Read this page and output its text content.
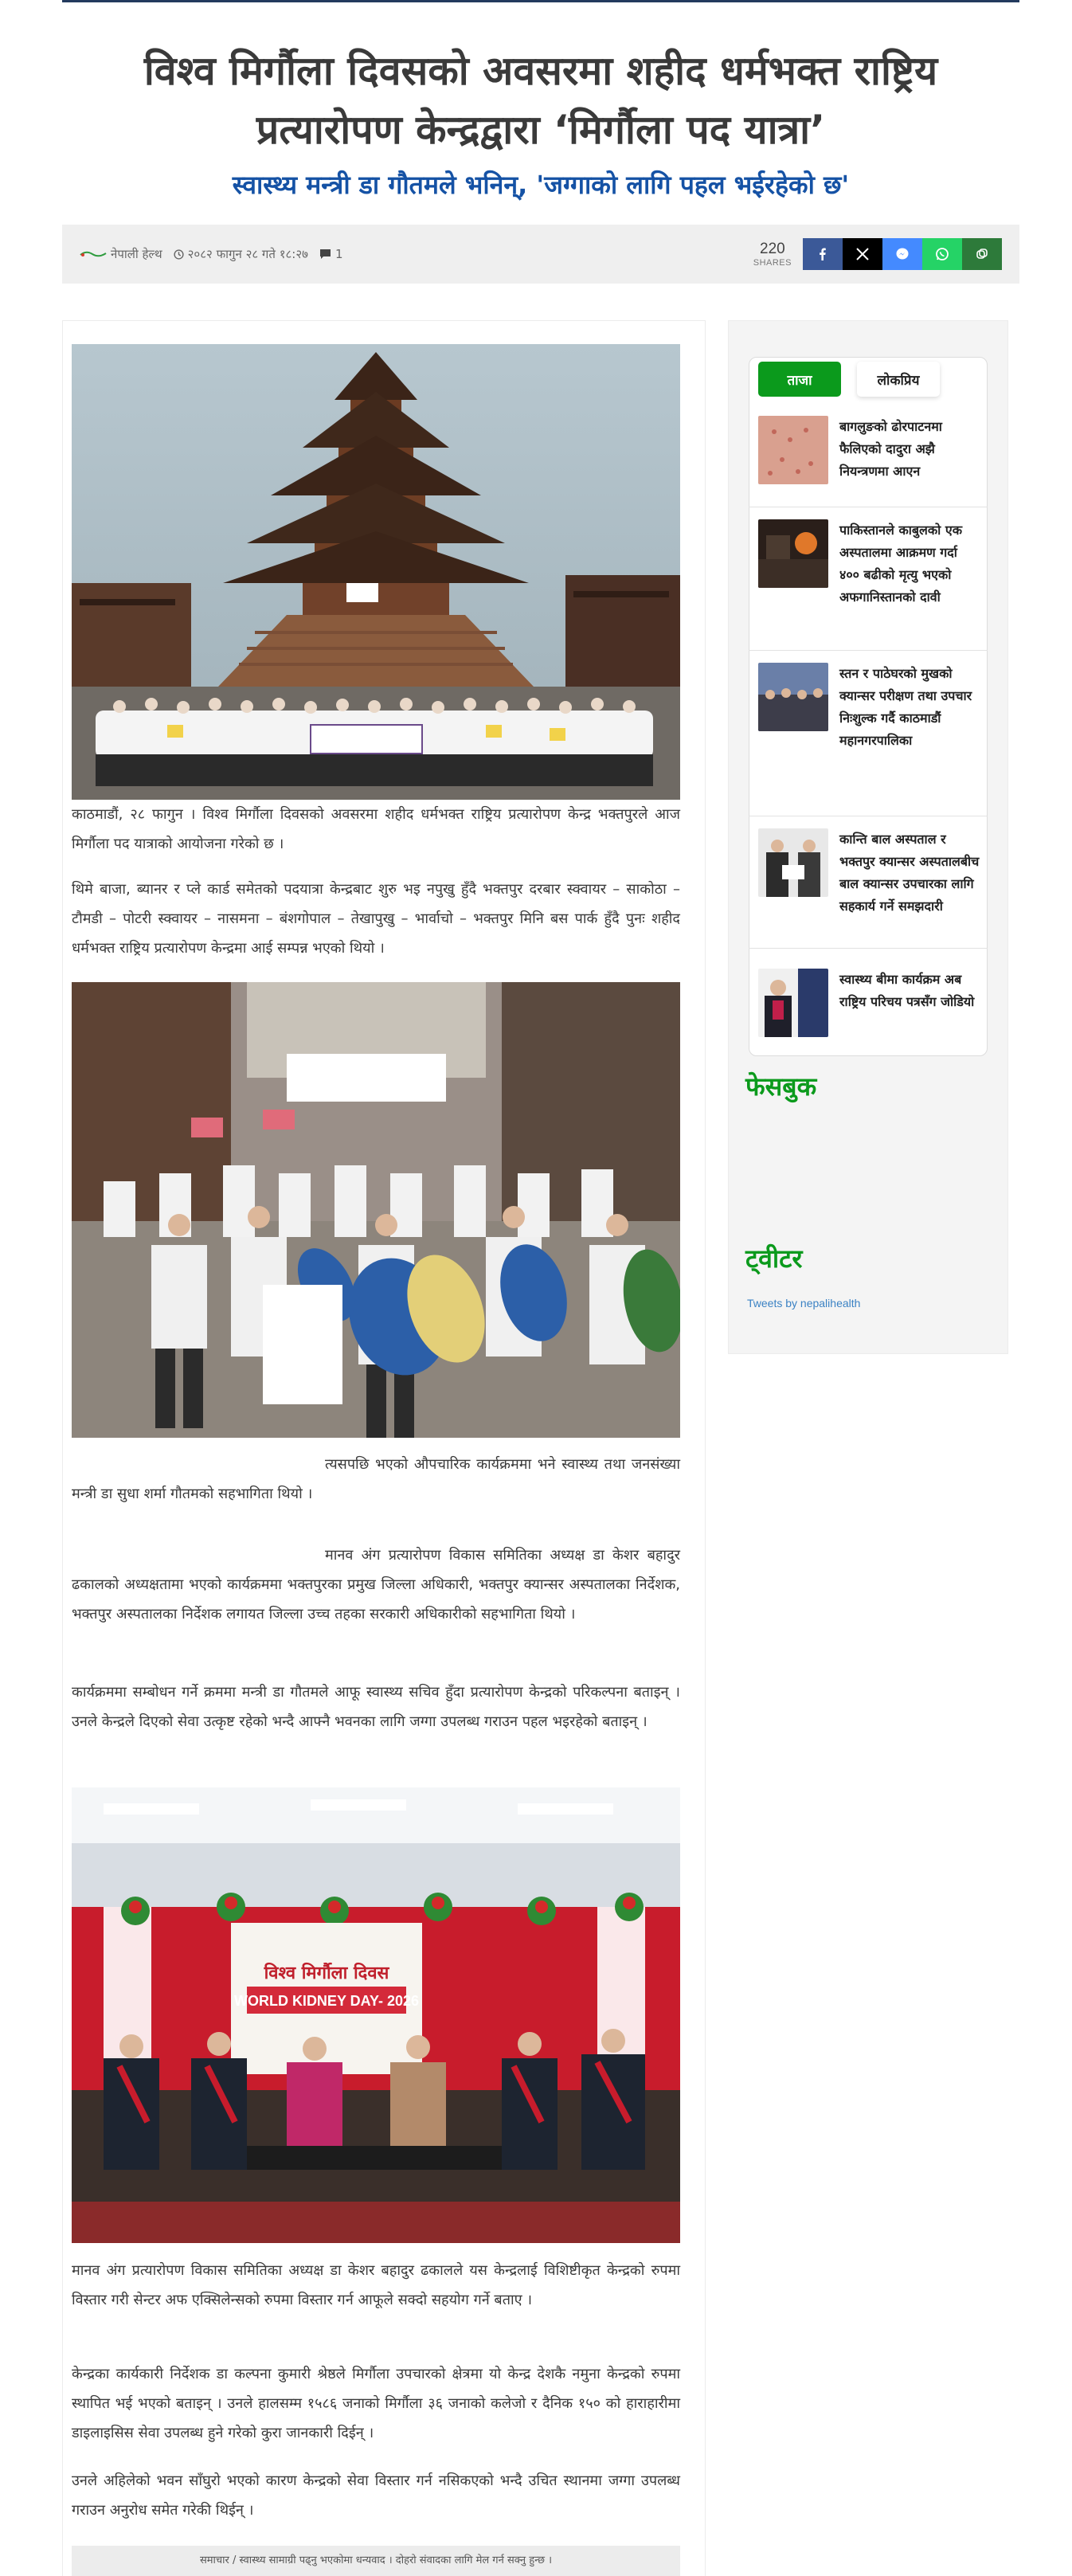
विश्व मिर्गौला दिवसको अवसरमा शहीद धर्मभक्त राष्ट्रिय
प्रत्यारोपण केन्द्रद्वारा ‘मिर्गौला पद यात्रा’
स्वास्थ्य मन्त्री डा गौतमले भनिन्, 'जग्गाको लागि पहल भईरहेको छ'
नेपाली हेल्थ २०८२ फागुन २८ गते १८:२७ 1	220
SHARES

काठमाडौं, २८ फागुन । विश्व मिर्गौला दिवसको अवसरमा शहीद धर्मभक्त राष्ट्रिय प्रत्यारोपण केन्द्र भक्तपुरले आज मिर्गौला पद यात्राको आयोजना गरेको छ ।

थिमे बाजा, ब्यानर र प्ले कार्ड समेतको पदयात्रा केन्द्रबाट शुरु भइ नपुखु हुँदै भक्तपुर दरबार स्क्वायर – साकोठा – टौमडी – पोटरी स्क्वायर – नासमना – बंशगोपाल – तेखापुखु – भार्वाचो – भक्तपुर मिनि बस पार्क हुँदै पुनः शहीद धर्मभक्त राष्ट्रिय प्रत्यारोपण केन्द्रमा आई सम्पन्न भएको थियो ।

त्यसपछि भएको औपचारिक कार्यक्रममा भने स्वास्थ्य तथा जनसंख्या मन्त्री डा सुधा शर्मा गौतमको सहभागिता थियो ।

मानव अंग प्रत्यारोपण विकास समितिका अध्यक्ष डा केशर बहादुर ढकालको अध्यक्षतामा भएको कार्यक्रममा भक्तपुरका प्रमुख जिल्ला अधिकारी, भक्तपुर क्यान्सर अस्पतालका निर्देशक, भक्तपुर अस्पतालका निर्देशक लगायत जिल्ला उच्च तहका सरकारी अधिकारीको सहभागिता थियो ।

कार्यक्रममा सम्बोधन गर्ने क्रममा मन्त्री डा गौतमले आफू स्वास्थ्य सचिव हुँदा प्रत्यारोपण केन्द्रको परिकल्पना बताइन् । उनले केन्द्रले दिएको सेवा उत्कृष्ट रहेको भन्दै आफ्नै भवनका लागि जग्गा उपलब्ध गराउन पहल भइरहेको बताइन् ।

विश्व मिर्गौला दिवस
WORLD KIDNEY DAY- 2026

मानव अंग प्रत्यारोपण विकास समितिका अध्यक्ष डा केशर बहादुर ढकालले यस केन्द्रलाई विशिष्टीकृत केन्द्रको रुपमा विस्तार गरी सेन्टर अफ एक्सिलेन्सको रुपमा विस्तार गर्न आफूले सक्दो सहयोग गर्ने बताए ।

केन्द्रका कार्यकारी निर्देशक डा कल्पना कुमारी श्रेष्ठले मिर्गौला उपचारको क्षेत्रमा यो केन्द्र देशकै नमुना केन्द्रको रुपमा स्थापित भई भएको बताइन् । उनले हालसम्म १५८६ जनाको मिर्गौला ३६ जनाको कलेजो र दैनिक १५० को हाराहारीमा डाइलाइसिस सेवा उपलब्ध हुने गरेको कुरा जानकारी दिईन् ।

उनले अहिलेको भवन साँघुरो भएको कारण केन्द्रको सेवा विस्तार गर्न नसिकएको भन्दै उचित स्थानमा जग्गा उपलब्ध गराउन अनुरोध समेत गरेकी थिईन् ।

समाचार / स्वास्थ्य सामाग्री पढ्नु भएकोमा धन्यवाद । दोहरो संवादका लागि मेल गर्न सक्नु हुन्छ ।
ताजा	लोकप्रिय
बागलुङको ढोरपाटनमा फैलिएको दादुरा अझै नियन्त्रणमा आएन
पाकिस्तानले काबुलको एक अस्पतालमा आक्रमण गर्दा ४०० बढीको मृत्यु भएको अफगानिस्तानको दावी
स्तन र पाठेघरको मुखको क्यान्सर परीक्षण तथा उपचार निःशुल्क गर्दै काठमाडौं महानगरपालिका
कान्ति बाल अस्पताल र भक्तपुर क्यान्सर अस्पतालबीच बाल क्यान्सर उपचारका लागि सहकार्य गर्ने समझदारी
स्वास्थ्य बीमा कार्यक्रम अब राष्ट्रिय परिचय पत्रसँग जोडियो
फेसबुक
ट्वीटर
Tweets by nepalihealth
